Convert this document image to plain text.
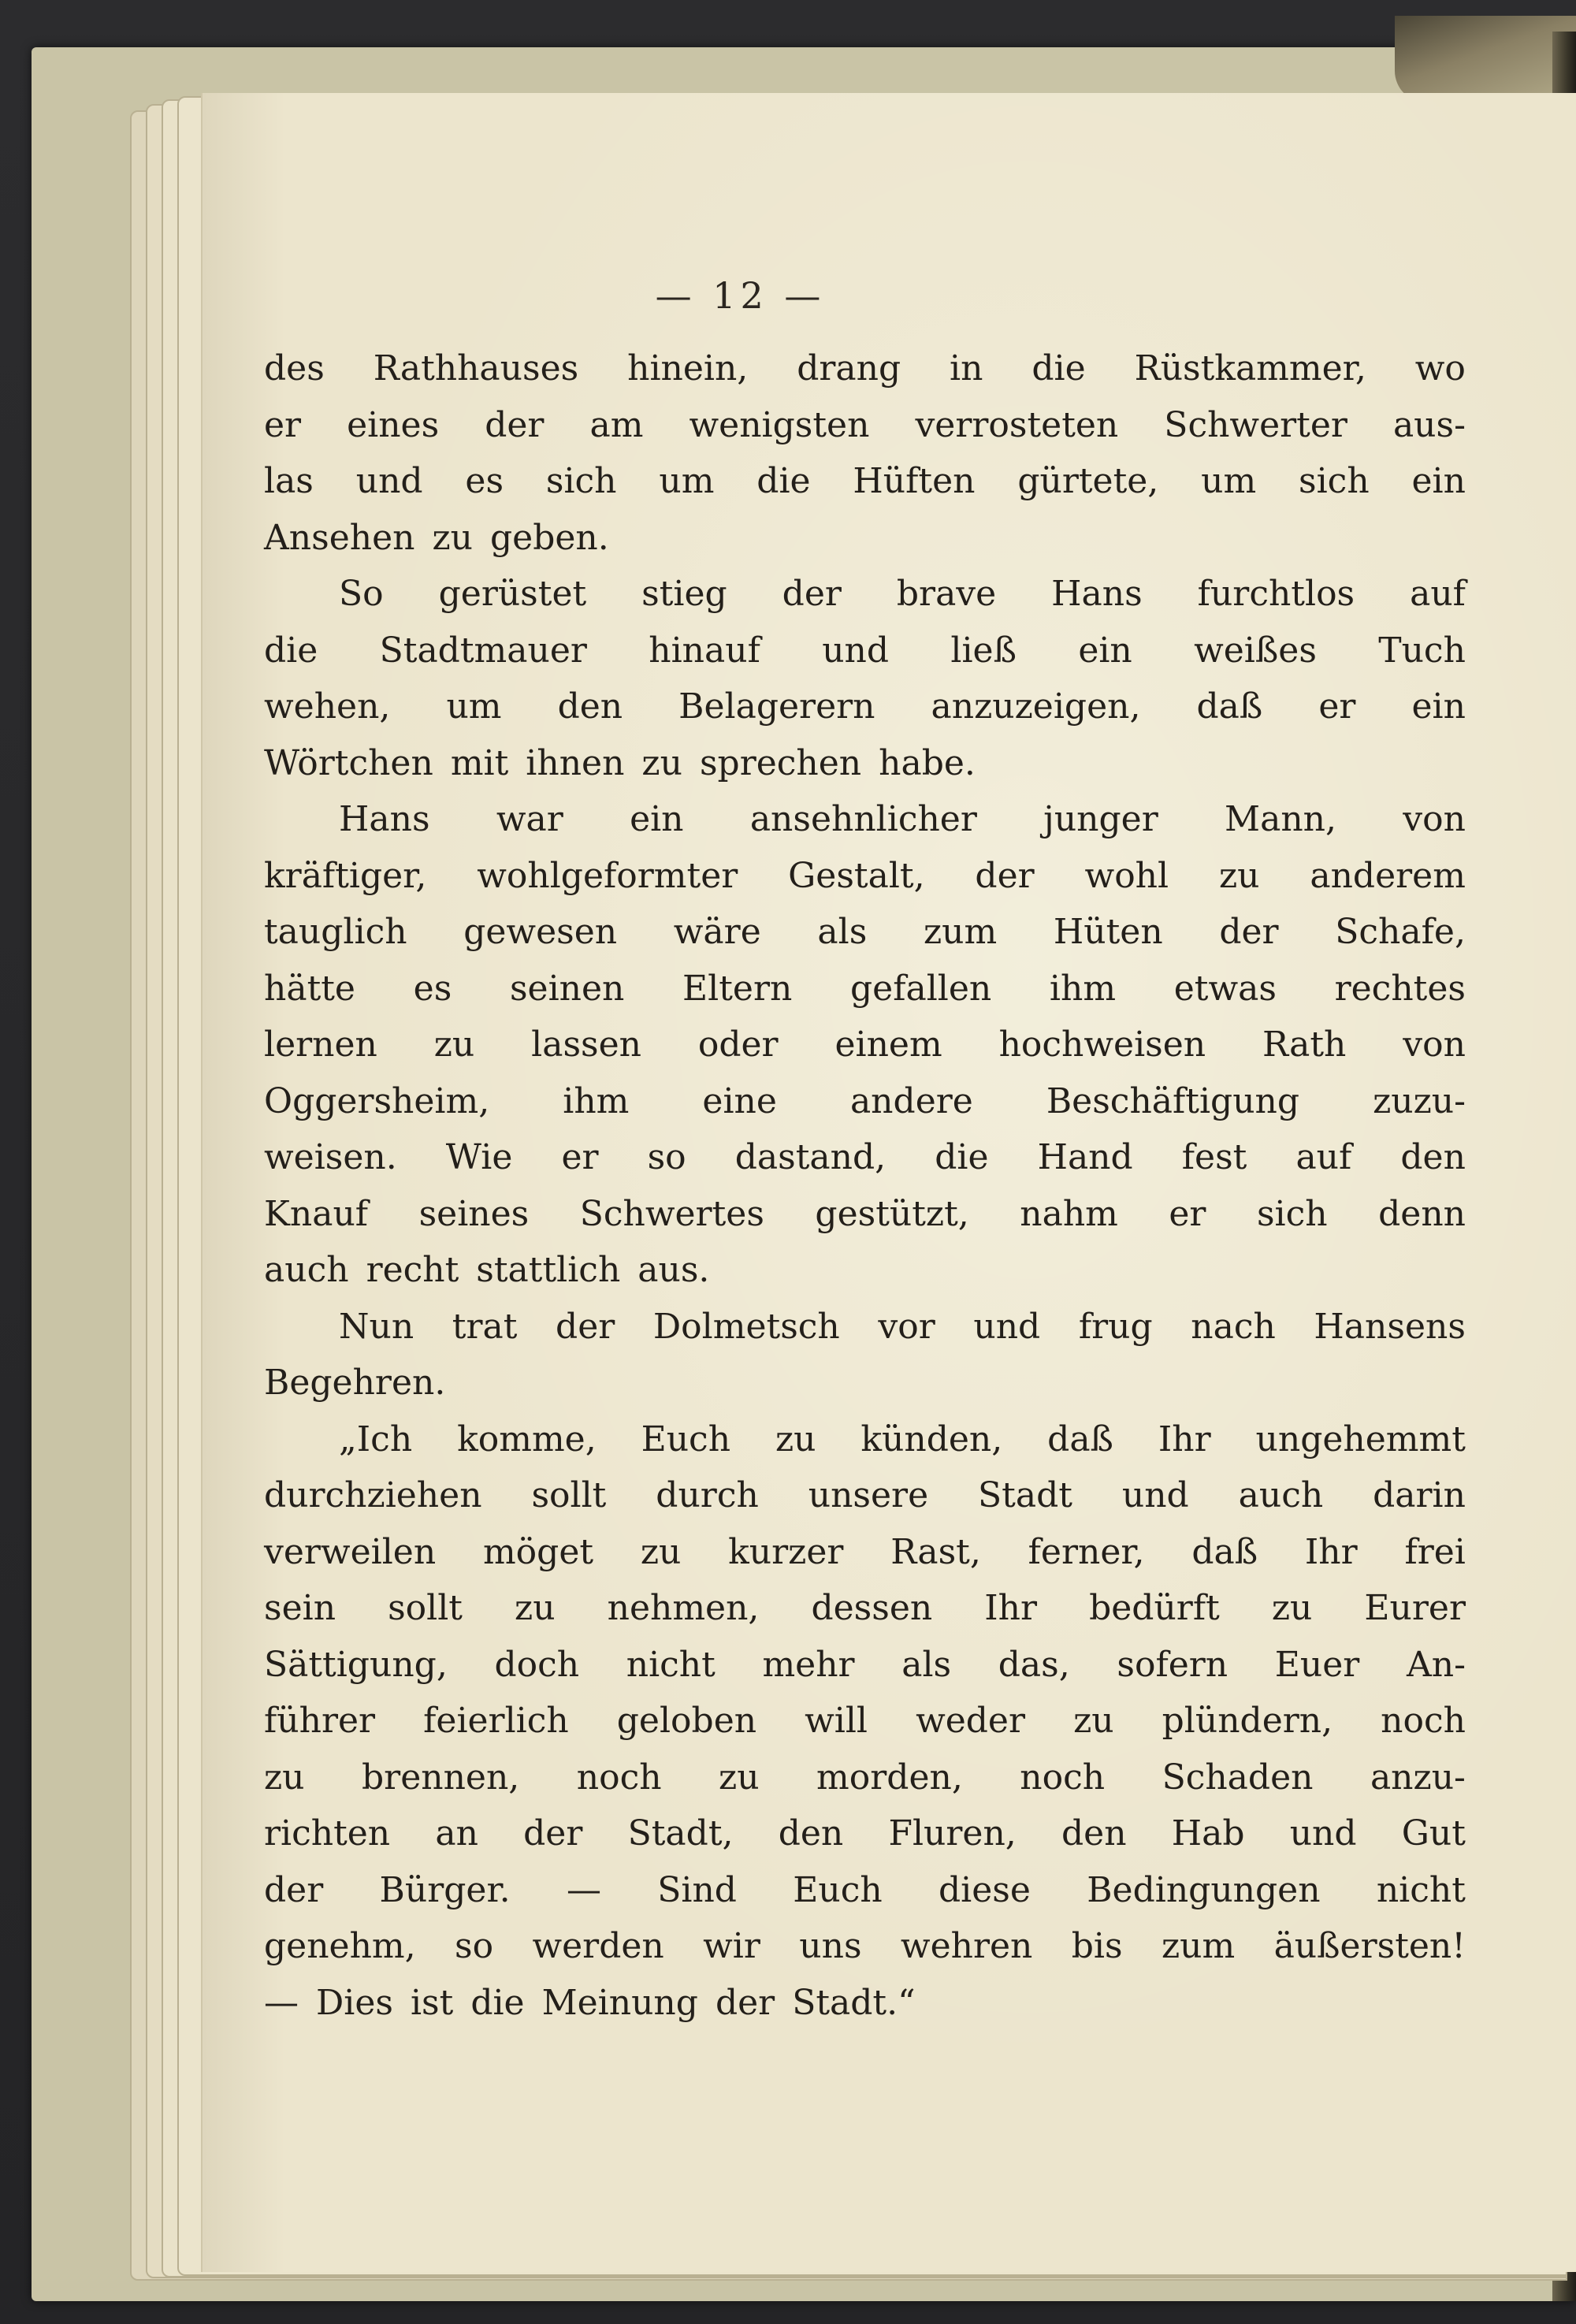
— 12 —
des Rathhauses hinein, drang in die Rüstkammer, wo
er eines der am wenigsten verrosteten Schwerter aus-
las und es sich um die Hüften gürtete, um sich ein
Ansehen zu geben.
So gerüstet stieg der brave Hans furchtlos auf
die Stadtmauer hinauf und ließ ein weißes Tuch
wehen, um den Belagerern anzuzeigen, daß er ein
Wörtchen mit ihnen zu sprechen habe.
Hans war ein ansehnlicher junger Mann, von
kräftiger, wohlgeformter Gestalt, der wohl zu anderem
tauglich gewesen wäre als zum Hüten der Schafe,
hätte es seinen Eltern gefallen ihm etwas rechtes
lernen zu lassen oder einem hochweisen Rath von
Oggersheim, ihm eine andere Beschäftigung zuzu-
weisen. Wie er so dastand, die Hand fest auf den
Knauf seines Schwertes gestützt, nahm er sich denn
auch recht stattlich aus.
Nun trat der Dolmetsch vor und frug nach Hansens
Begehren.
„Ich komme, Euch zu künden, daß Ihr ungehemmt
durchziehen sollt durch unsere Stadt und auch darin
verweilen möget zu kurzer Rast, ferner, daß Ihr frei
sein sollt zu nehmen, dessen Ihr bedürft zu Eurer
Sättigung, doch nicht mehr als das, sofern Euer An-
führer feierlich geloben will weder zu plündern, noch
zu brennen, noch zu morden, noch Schaden anzu-
richten an der Stadt, den Fluren, den Hab und Gut
der Bürger. — Sind Euch diese Bedingungen nicht
genehm, so werden wir uns wehren bis zum äußersten!
— Dies ist die Meinung der Stadt.“
